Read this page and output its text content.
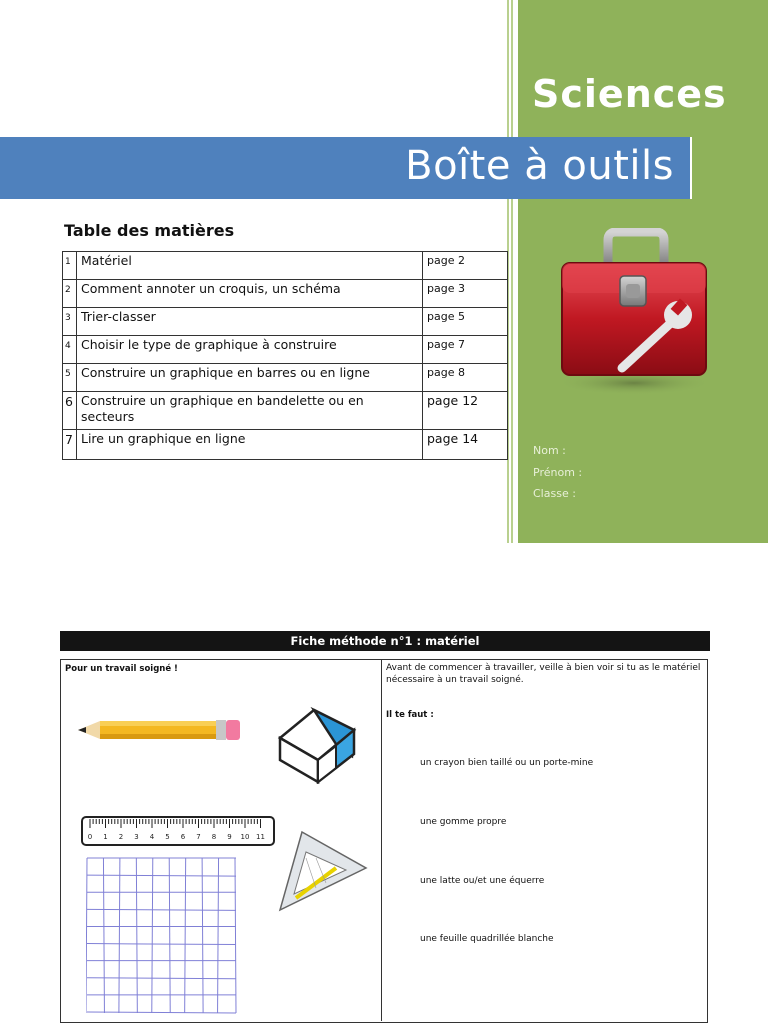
Sciences
Boîte à outils
Table des matières
1	Matériel	page 2
2	Comment annoter un croquis, un schéma	page 3
3	Trier-classer	page 5
4	Choisir le type de graphique à construire	page 7
5	Construire un graphique en barres ou en ligne	page 8
6	Construire un graphique en bandelette ou en secteurs	page 12
7	Lire un graphique en ligne	page 14
Nom :
Prénom :
Classe :
Fiche méthode n°1 : matériel
Pour un travail soigné !
0 1 2 3 4 5 6 7 8 9 10 11
Avant de commencer à travailler, veille à bien voir si tu as le matériel nécessaire à un travail soigné.
Il te faut :
un crayon bien taillé ou un porte-mine
une gomme propre
une latte ou/et une équerre
une feuille quadrillée blanche
